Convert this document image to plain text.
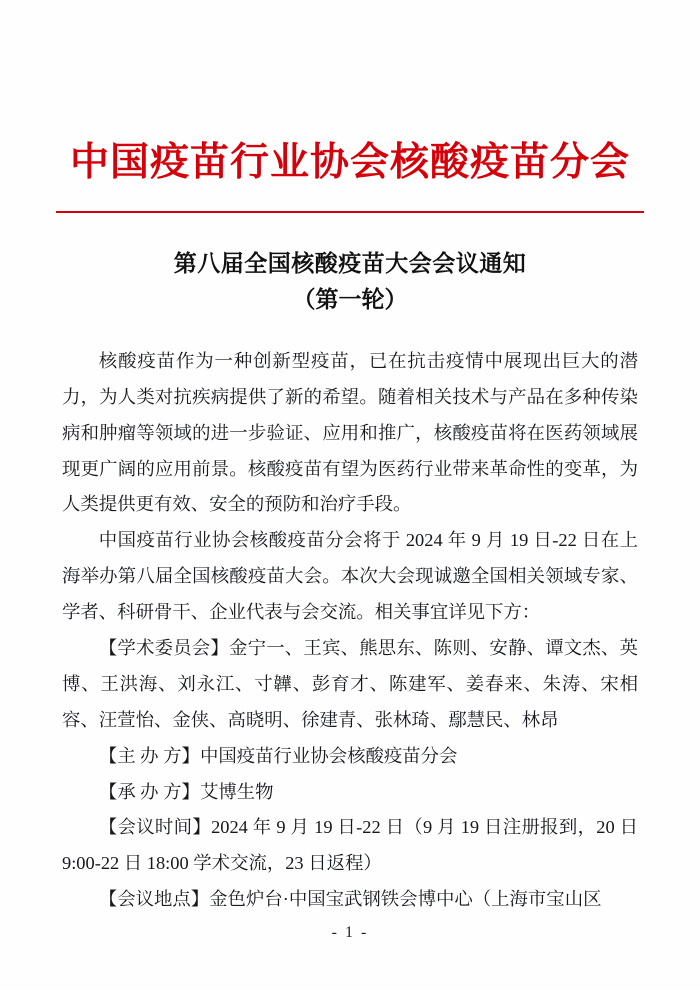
中国疫苗行业协会核酸疫苗分会
第八届全国核酸疫苗大会会议通知
（第一轮）

核酸疫苗作为一种创新型疫苗，已在抗击疫情中展现出巨大的潜力，为人类对抗疾病提供了新的希望。随着相关技术与产品在多种传染病和肿瘤等领域的进一步验证、应用和推广，核酸疫苗将在医药领域展现更广阔的应用前景。核酸疫苗有望为医药行业带来革命性的变革，为人类提供更有效、安全的预防和治疗手段。

中国疫苗行业协会核酸疫苗分会将于 2024 年 9 月 19 日-22 日在上海举办第八届全国核酸疫苗大会。本次大会现诚邀全国相关领域专家、学者、科研骨干、企业代表与会交流。相关事宜详见下方：

【学术委员会】金宁一、王宾、熊思东、陈则、安静、谭文杰、英博、王洪海、刘永江、寸韡、彭育才、陈建军、姜春来、朱涛、宋相容、汪萱怡、金侠、高晓明、徐建青、张林琦、鄢慧民、林昂

【主 办 方】中国疫苗行业协会核酸疫苗分会

【承 办 方】艾博生物

【会议时间】2024 年 9 月 19 日-22 日（9 月 19 日注册报到，20 日 9:00-22 日 18:00 学术交流，23 日返程）

【会议地点】金色炉台·中国宝武钢铁会博中心（上海市宝山区

- 1 -
